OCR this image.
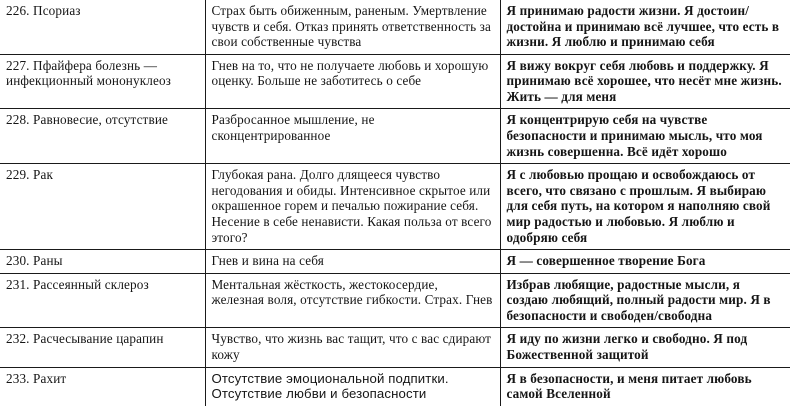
226. Псориаз	Страх быть обиженным, раненым. Умертвление чувств и себя. Отказ принять ответственность за свои собственные чувства	Я принимаю радости жизни. Я достоин/достойна и принимаю всё лучшее, что есть в жизни. Я люблю и принимаю себя
227. Пфайфера болезнь — инфекционный мононуклеоз	Гнев на то, что не получаете любовь и хорошую оценку. Больше не заботитесь о себе	Я вижу вокруг себя любовь и поддержку. Я принимаю всё хорошее, что несёт мне жизнь. Жить — для меня
228. Равновесие, отсутствие	Разбросанное мышление, не сконцентрированное	Я концентрирую себя на чувстве безопасности и принимаю мысль, что моя жизнь совершенна. Всё идёт хорошо
229. Рак	Глубокая рана. Долго длящееся чувство негодования и обиды. Интенсивное скрытое или окрашенное горем и печалью пожирание себя. Несение в себе ненависти. Какая польза от всего этого?	Я с любовью прощаю и освобождаюсь от всего, что связано с прошлым. Я выбираю для себя путь, на котором я наполняю свой мир радостью и любовью. Я люблю и одобряю себя
230. Раны	Гнев и вина на себя	Я — совершенное творение Бога
231. Рассеянный склероз	Ментальная жёсткость, жестокосердие, железная воля, отсутствие гибкости. Страх. Гнев	Избрав любящие, радостные мысли, я создаю любящий, полный радости мир. Я в безопасности и свободен/свободна
232. Расчесывание царапин	Чувство, что жизнь вас тащит, что с вас сдирают кожу	Я иду по жизни легко и свободно. Я под Божественной защитой
233. Рахит	Отсутствие эмоциональной подпитки. Отсутствие любви и безопасности	Я в безопасности, и меня питает любовь самой Вселенной
